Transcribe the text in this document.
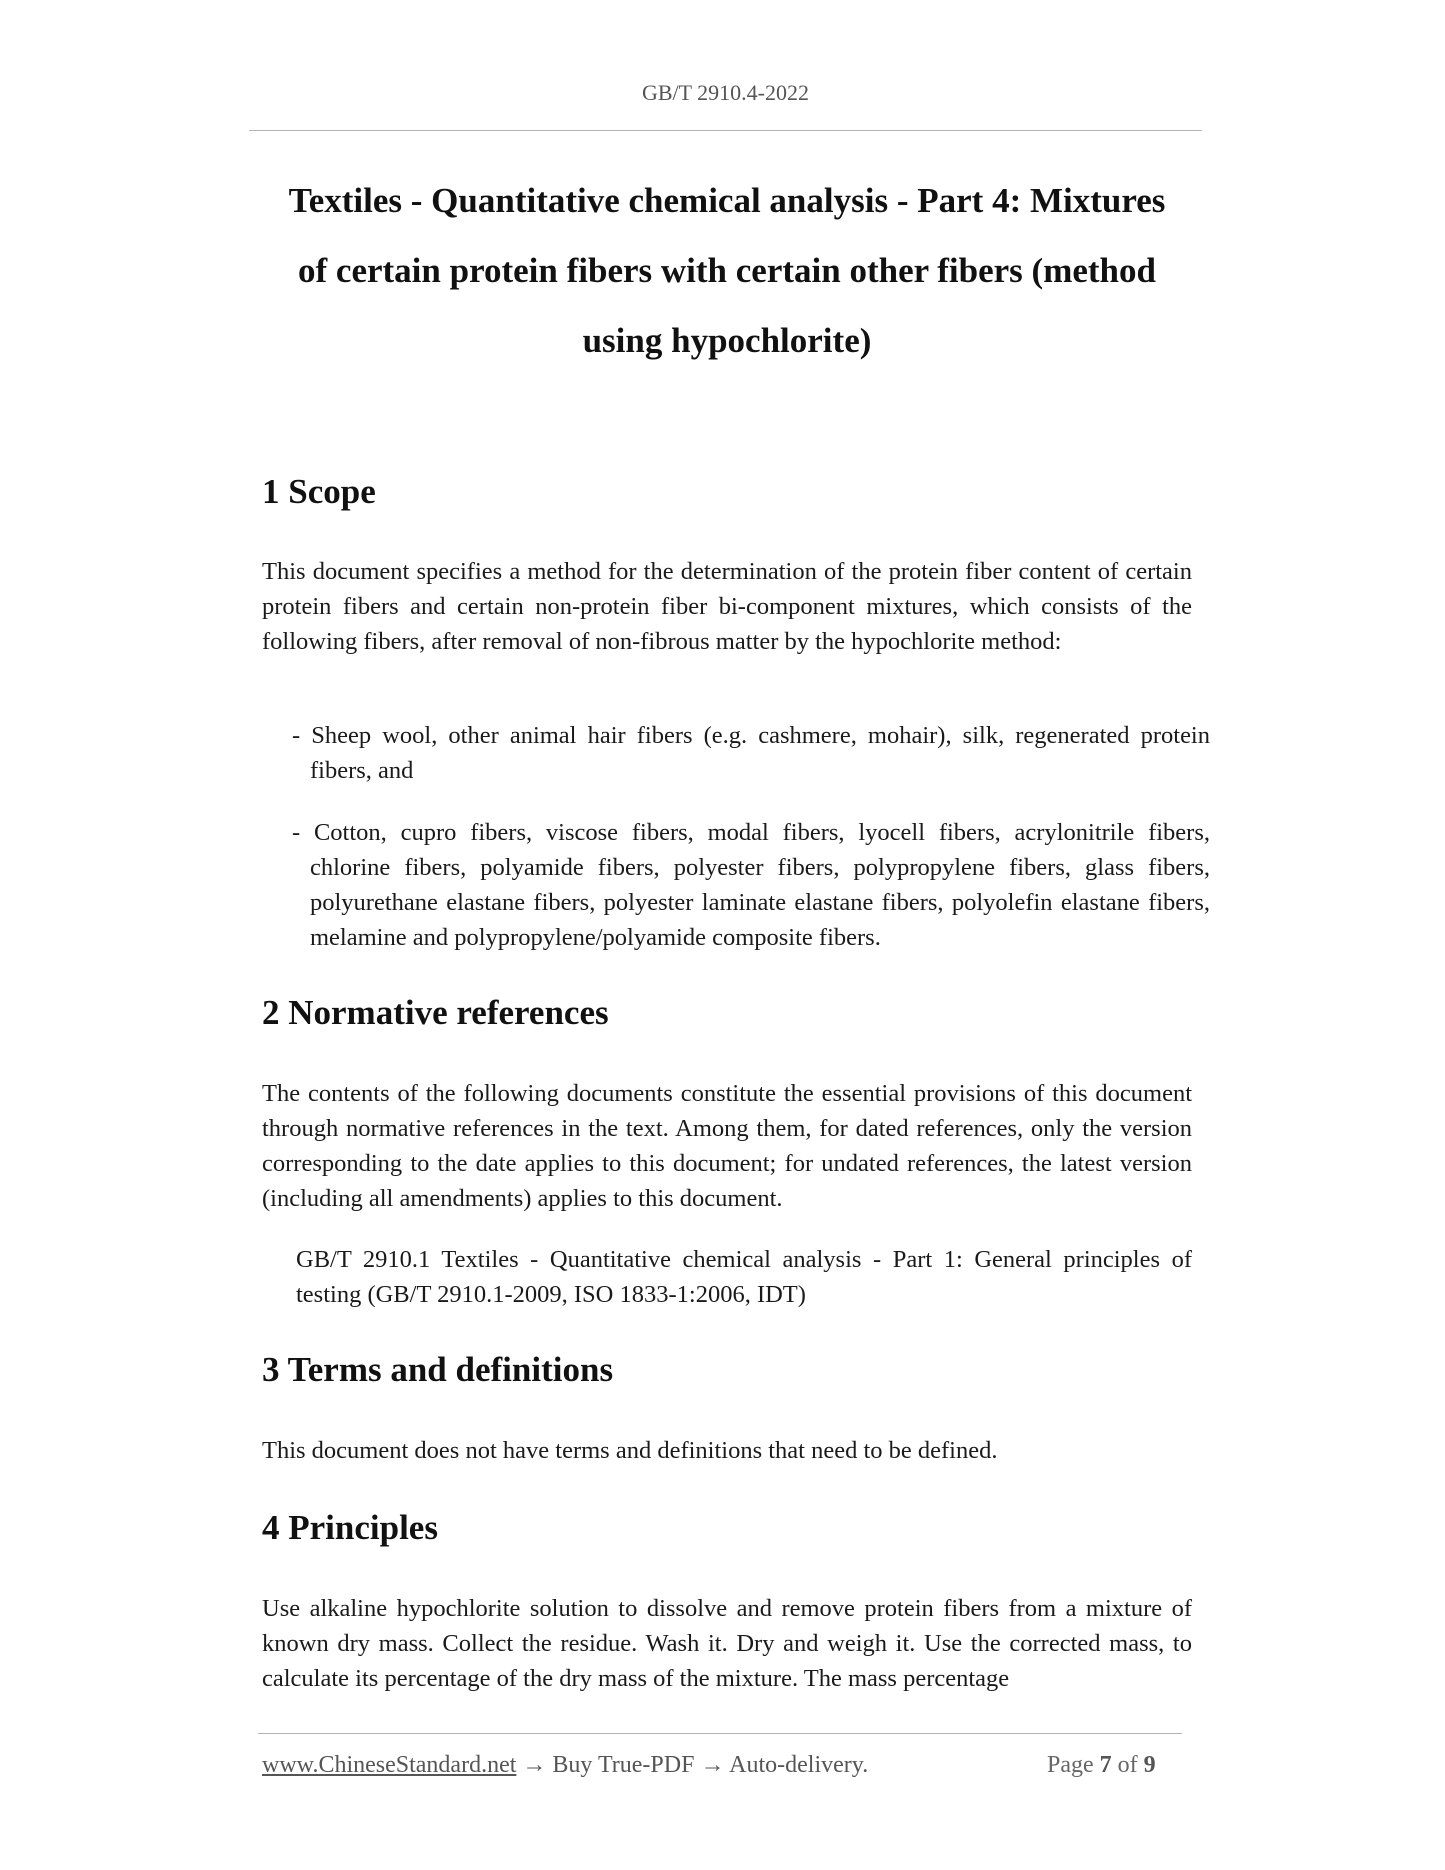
GB/T 2910.4-2022
Textiles - Quantitative chemical analysis - Part 4: Mixtures
of certain protein fibers with certain other fibers (method
using hypochlorite)
1 Scope

This document specifies a method for the determination of the protein fiber content of certain protein fibers and certain non-protein fiber bi-component mixtures, which consists of the following fibers, after removal of non-fibrous matter by the hypochlorite method:

- Sheep wool, other animal hair fibers (e.g. cashmere, mohair), silk, regenerated protein fibers, and

- Cotton, cupro fibers, viscose fibers, modal fibers, lyocell fibers, acrylonitrile fibers, chlorine fibers, polyamide fibers, polyester fibers, polypropylene fibers, glass fibers, polyurethane elastane fibers, polyester laminate elastane fibers, polyolefin elastane fibers, melamine and polypropylene/polyamide composite fibers.

2 Normative references

The contents of the following documents constitute the essential provisions of this document through normative references in the text. Among them, for dated references, only the version corresponding to the date applies to this document; for undated references, the latest version (including all amendments) applies to this document.

GB/T 2910.1 Textiles - Quantitative chemical analysis - Part 1: General principles of testing (GB/T 2910.1-2009, ISO 1833-1:2006, IDT)

3 Terms and definitions

This document does not have terms and definitions that need to be defined.

4 Principles

Use alkaline hypochlorite solution to dissolve and remove protein fibers from a mixture of known dry mass. Collect the residue. Wash it. Dry and weigh it. Use the corrected mass, to calculate its percentage of the dry mass of the mixture. The mass percentage

www.ChineseStandard.net → Buy True-PDF → Auto-delivery.	Page 7 of 9
